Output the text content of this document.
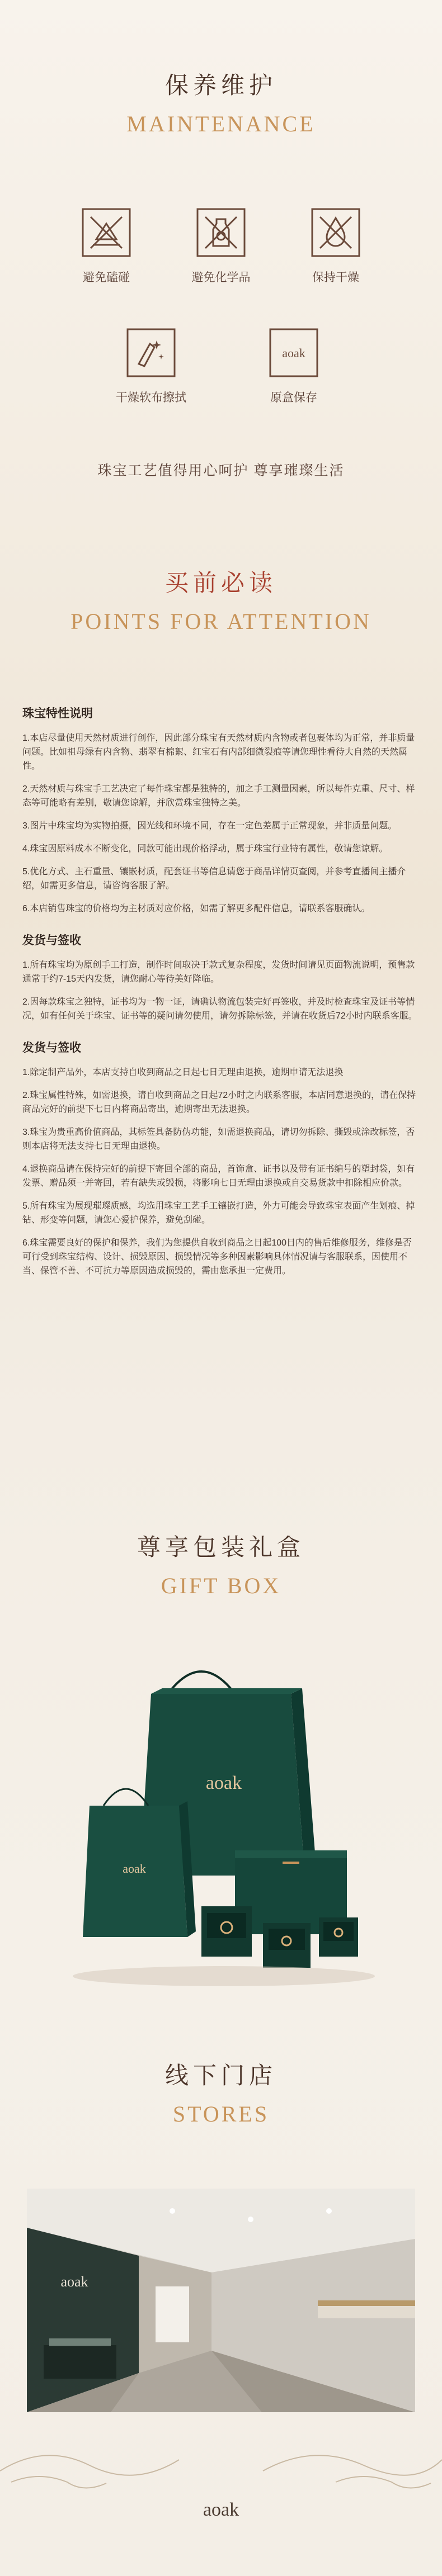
保养维护
MAINTENANCE
避免磕碰	避免化学品	保持干燥
干燥软布擦拭
aoak
原盒保存
珠宝工艺值得用心呵护 尊享璀璨生活
买前必读
POINTS FOR ATTENTION
珠宝特性说明

1.本店尽量使用天然材质进行创作，因此部分珠宝有天然材质内含物或者包裹体均为正常，并非质量问题。比如祖母绿有内含物、翡翠有棉絮、红宝石有内部细微裂痕等请您理性看待大自然的天然属性。

2.天然材质与珠宝手工艺决定了每件珠宝都是独特的，加之手工测量因素，所以每件克重、尺寸、样态等可能略有差别，敬请您谅解，并欣赏珠宝独特之美。

3.图片中珠宝均为实物拍摄，因光线和环境不同，存在一定色差属于正常现象，并非质量问题。

4.珠宝因原料成本不断变化，同款可能出现价格浮动，属于珠宝行业特有属性，敬请您谅解。

5.优化方式、主石重量、镶嵌材质，配套证书等信息请您于商品详情页查阅，并参考直播间主播介绍，如需更多信息，请咨询客服了解。

6.本店销售珠宝的价格均为主材质对应价格，如需了解更多配件信息，请联系客服确认。

发货与签收

1.所有珠宝均为原创手工打造，制作时间取决于款式复杂程度，发货时间请见页面物流说明，预售款通常于约7-15天内发货，请您耐心等待美好降临。

2.因每款珠宝之独特，证书均为一物一证，请确认物流包装完好再签收，并及时检查珠宝及证书等情况，如有任何关于珠宝、证书等的疑问请勿使用，请勿拆除标签，并请在收货后72小时内联系客服。

发货与签收

1.除定制产品外，本店支持自收到商品之日起七日无理由退换，逾期申请无法退换

2.珠宝属性特殊，如需退换，请自收到商品之日起72小时之内联系客服，本店同意退换的，请在保持商品完好的前提下七日内将商品寄出，逾期寄出无法退换。

3.珠宝为贵重高价值商品，其标签具备防伪功能，如需退换商品，请切勿拆除、撕毁或涂改标签，否则本店将无法支持七日无理由退换。

4.退换商品请在保持完好的前提下寄回全部的商品，首饰盒、证书以及带有证书编号的塑封袋，如有发票、赠品须一并寄回，若有缺失或毁损，将影响七日无理由退换或自交易货款中扣除相应价款。

5.所有珠宝为展现璀璨质感，均选用珠宝工艺手工镶嵌打造，外力可能会导致珠宝表面产生划痕、掉钻、形变等问题，请您心爱护保养，避免刮碰。

6.珠宝需要良好的保护和保养，我们为您提供自收到商品之日起100日内的售后维修服务，维修是否可行受到珠宝结构、设计、损毁原因、损毁情况等多种因素影响具体情况请与客服联系，因使用不当、保管不善、不可抗力等原因造成损毁的，需由您承担一定费用。

尊享包装礼盒
GIFT BOX
aoak
aoak
线下门店
STORES
aoak
aoak
